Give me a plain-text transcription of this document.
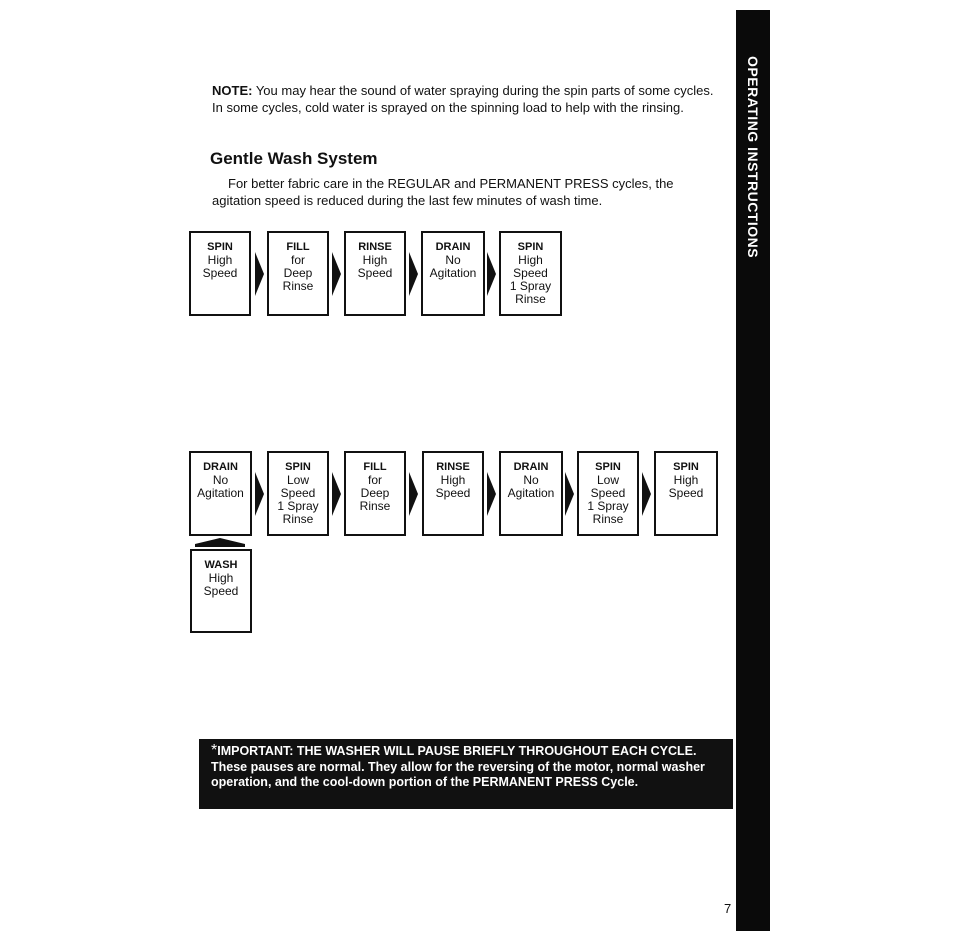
OPERATING INSTRUCTIONS
NOTE: You may hear the sound of water spraying during the spin parts of some cycles. In some cycles, cold water is sprayed on the spinning load to help with the rinsing.
Gentle Wash System
For better fabric care in the REGULAR and PERMANENT PRESS cycles, the agitation speed is reduced during the last few minutes of wash time.
SPIN
High
Speed
FILL
for
Deep
Rinse
RINSE
High
Speed
DRAIN
No
Agitation
SPIN
High
Speed
1 Spray
Rinse
DRAIN
No
Agitation
SPIN
Low
Speed
1 Spray
Rinse
FILL
for
Deep
Rinse
RINSE
High
Speed
DRAIN
No
Agitation
SPIN
Low
Speed
1 Spray
Rinse
SPIN
High
Speed
WASH
High
Speed
*IMPORTANT: THE WASHER WILL PAUSE BRIEFLY THROUGHOUT EACH CYCLE. These pauses are normal. They allow for the reversing of the motor, normal washer operation, and the cool-down portion of the PERMANENT PRESS Cycle.
7
